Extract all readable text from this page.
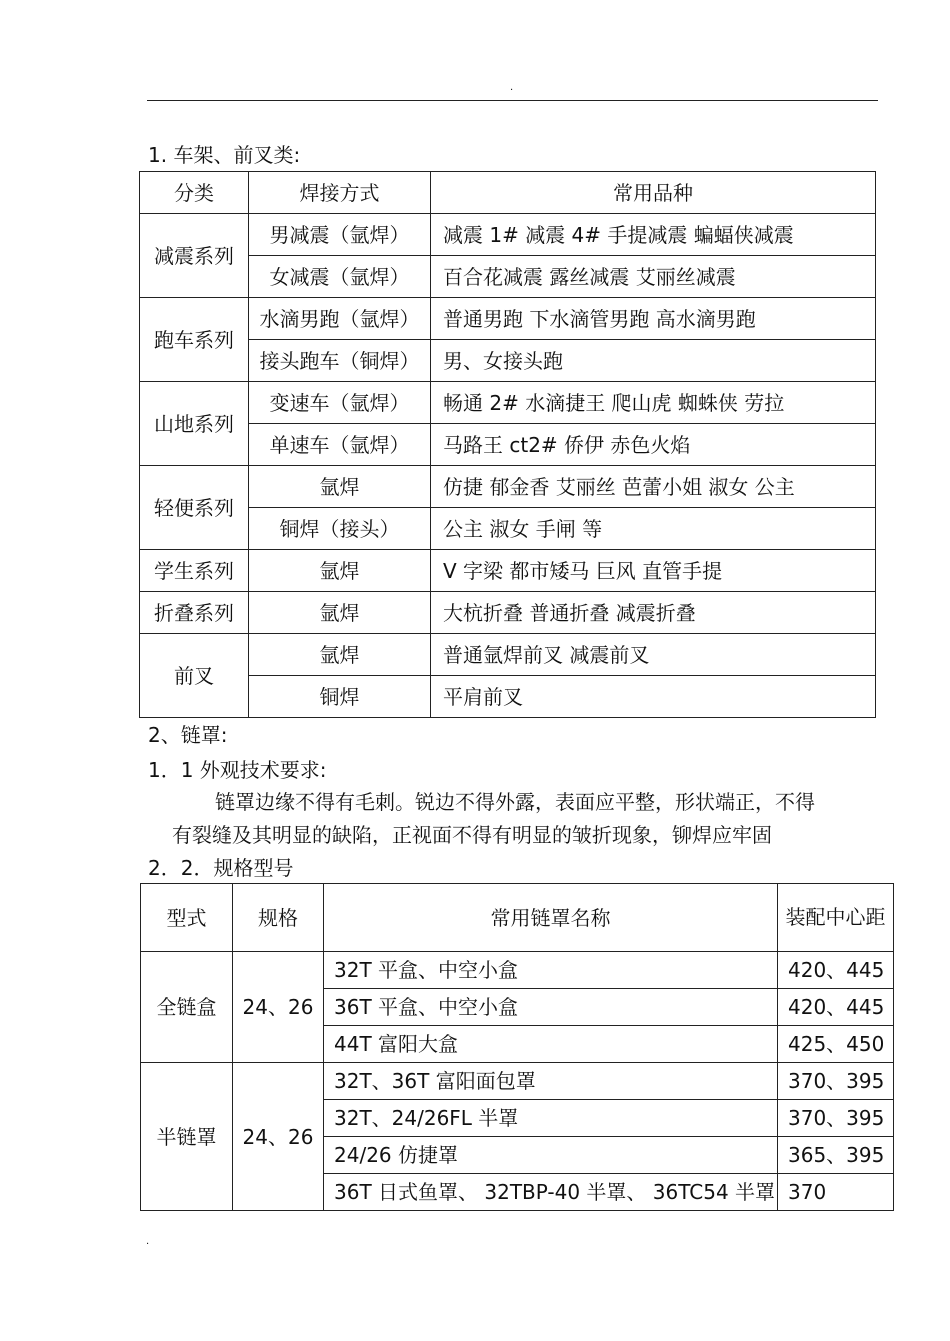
.
1. 车架、前叉类:
分类	焊接方式	常用品种
减震系列	男减震（氩焊）	减震 1# 减震 4# 手提减震 蝙蝠侠减震
	女减震（氩焊）	百合花减震 露丝减震 艾丽丝减震
跑车系列	水滴男跑（氩焊）	普通男跑 下水滴管男跑 高水滴男跑
	接头跑车（铜焊）	男、女接头跑
山地系列	变速车（氩焊）	畅通 2# 水滴捷王 爬山虎 蜘蛛侠 劳拉
	单速车（氩焊）	马路王 ct2# 侨伊 赤色火焰
轻便系列	氩焊	仿捷 郁金香 艾丽丝 芭蕾小姐 淑女 公主
	铜焊（接头）	公主 淑女 手闸 等
学生系列	氩焊	V 字梁 都市矮马 巨风 直管手提
折叠系列	氩焊	大杭折叠 普通折叠 减震折叠
前叉	氩焊	普通氩焊前叉 减震前叉
	铜焊	平肩前叉
2、链罩:
1．1 外观技术要求:
链罩边缘不得有毛刺。锐边不得外露，表面应平整，形状端正，不得
有裂缝及其明显的缺陷，正视面不得有明显的皱折现象，铆焊应牢固
2．2．规格型号
型式	规格	常用链罩名称	装配中心距
全链盒	24、26	32T 平盒、中空小盒	420、445
		36T 平盒、中空小盒	420、445
		44T 富阳大盒	425、450
半链罩	24、26	32T、36T 富阳面包罩	370、395
		32T、24/26FL 半罩	370、395
		24/26 仿捷罩	365、395
		36T 日式鱼罩、 32TBP-40 半罩、 36TC54 半罩	370
.
